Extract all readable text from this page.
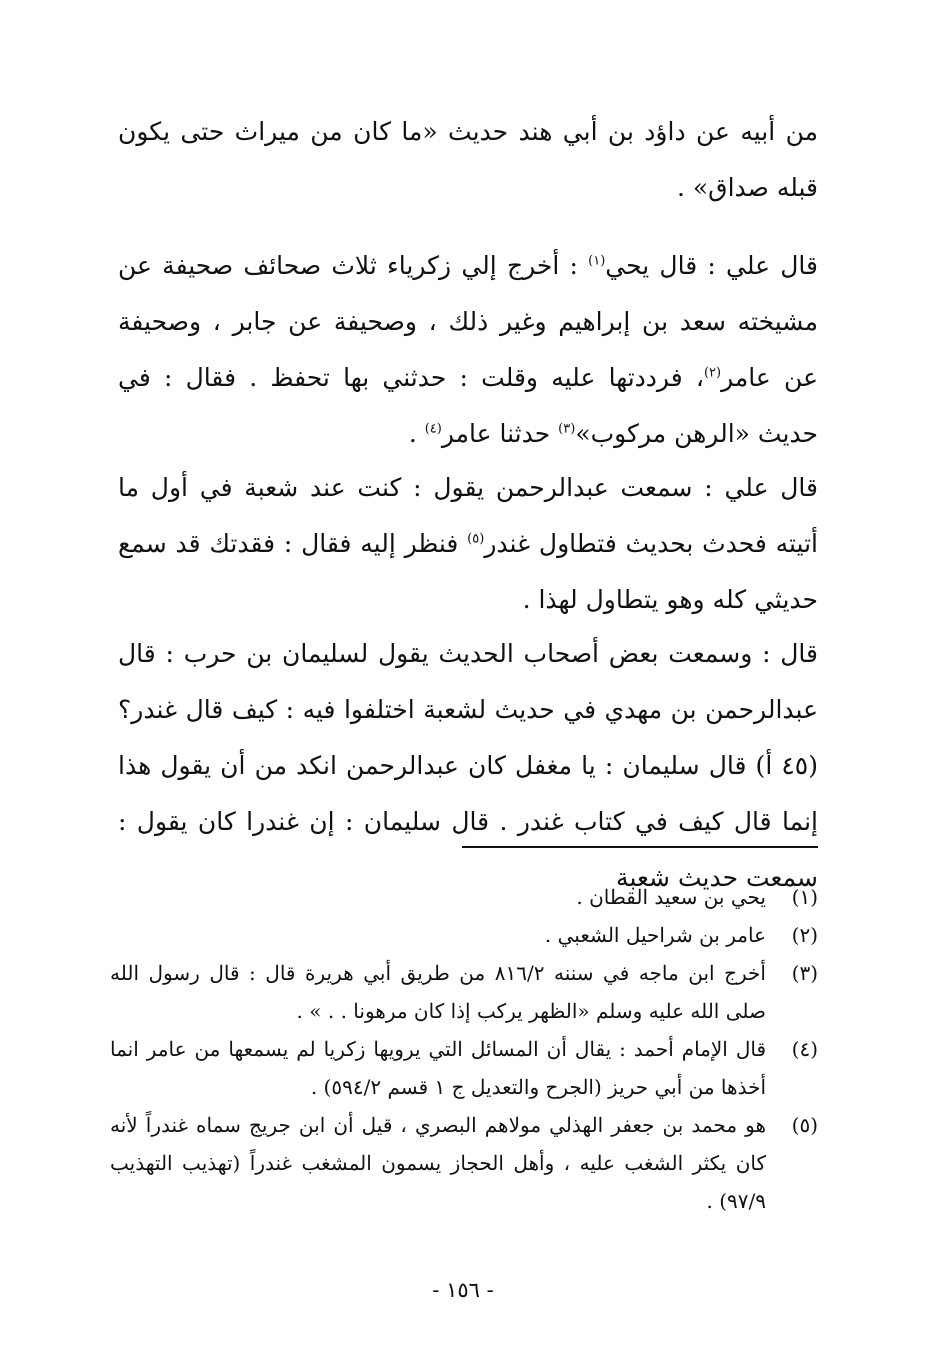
من أبيه عن داؤد بن أبي هند حديث «ما كان من ميراث حتى يكون قبله صداق» .

قال علي : قال يحي$^{(١)}$ : أخرج إلي زكرياء ثلاث صحائف صحيفة عن مشيخته سعد بن إبراهيم وغير ذلك ، وصحيفة عن جابر ، وصحيفة عن عامر$^{(٢)}$، فرددتها عليه وقلت : حدثني بها تحفظ . فقال : في حديث «الرهن مركوب»$^{(٣)}$ حدثنا عامر$^{(٤)}$ .

قال علي : سمعت عبدالرحمن يقول : كنت عند شعبة في أول ما أتيته فحدث بحديث فتطاول غندر$^{(٥)}$ فنظر إليه فقال : فقدتك قد سمع حديثي كله وهو يتطاول لهذا .

قال : وسمعت بعض أصحاب الحديث يقول لسليمان بن حرب : قال عبدالرحمن بن مهدي في حديث لشعبة اختلفوا فيه : كيف قال غندر؟ (٤٥ أ) قال سليمان : يا مغفل كان عبدالرحمن انكد من أن يقول هذا إنما قال كيف في كتاب غندر . قال سليمان : إن غندرا كان يقول : سمعت حديث شعبة

(١)
يحي بن سعيد القطان .
(٢)
عامر بن شراحيل الشعبي .
(٣)
أخرج ابن ماجه في سننه ٨١٦/٢ من طريق أبي هريرة قال : قال رسول الله صلى الله عليه وسلم «الظهر يركب إذا كان مرهونا . . » .
(٤)
قال الإمام أحمد : يقال أن المسائل التي يرويها زكريا لم يسمعها من عامر انما أخذها من أبي حريز (الجرح والتعديل ج ١ قسم ٥٩٤/٢) .
(٥)
هو محمد بن جعفر الهذلي مولاهم البصري ، قيل أن ابن جريج سماه غندراً لأنه كان يكثر الشغب عليه ، وأهل الحجاز يسمون المشغب غندراً (تهذيب التهذيب ٩٧/٩) .
- ١٥٦ -
